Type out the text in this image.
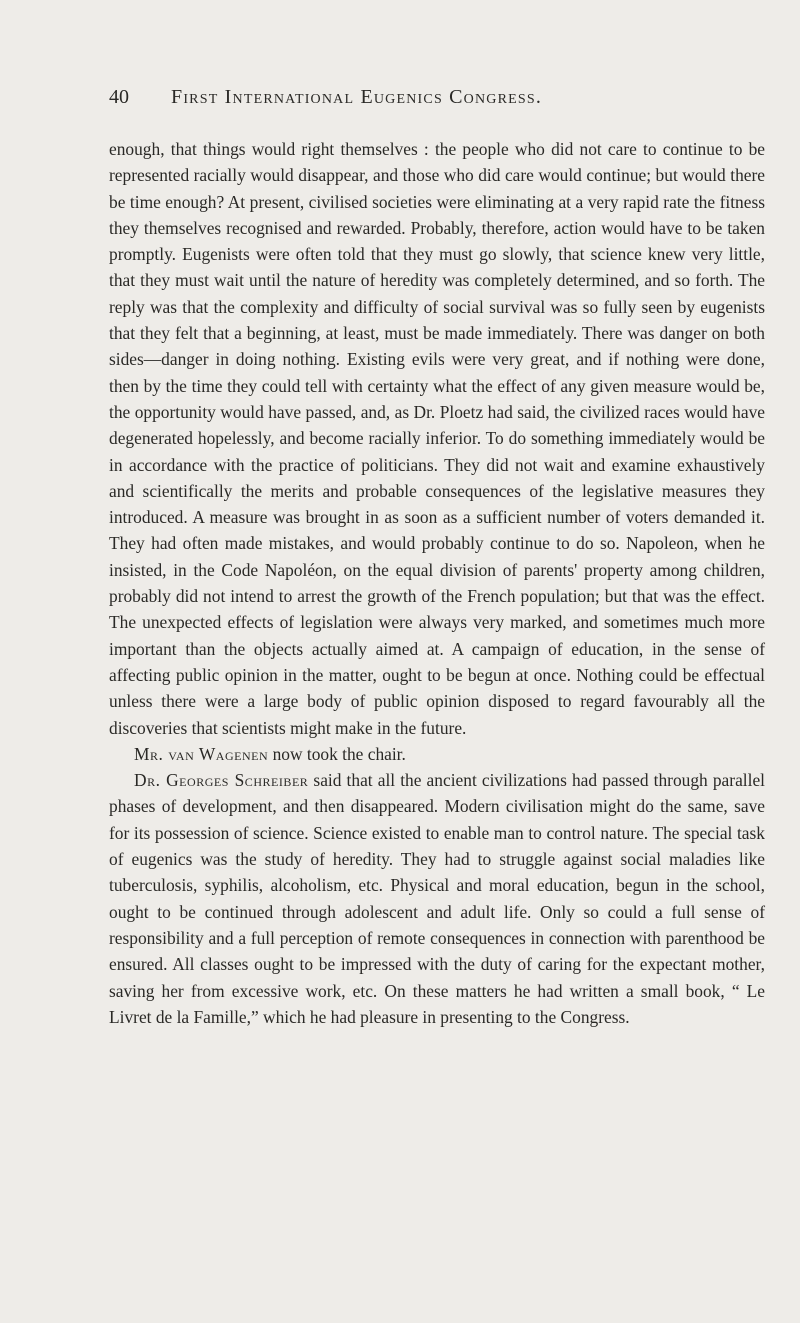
40 First International Eugenics Congress.

enough, that things would right themselves : the people who did not care to continue to be represented racially would disappear, and those who did care would continue; but would there be time enough? At present, civilised societies were eliminating at a very rapid rate the fitness they themselves recognised and rewarded. Probably, therefore, action would have to be taken promptly. Eugenists were often told that they must go slowly, that science knew very little, that they must wait until the nature of heredity was completely determined, and so forth. The reply was that the complexity and difficulty of social survival was so fully seen by eugenists that they felt that a beginning, at least, must be made immediately. There was danger on both sides—danger in doing nothing. Existing evils were very great, and if nothing were done, then by the time they could tell with certainty what the effect of any given measure would be, the opportunity would have passed, and, as Dr. Ploetz had said, the civilized races would have degenerated hopelessly, and become racially inferior. To do something immediately would be in accordance with the practice of politicians. They did not wait and examine exhaustively and scientifically the merits and probable consequences of the legislative measures they introduced. A measure was brought in as soon as a sufficient number of voters demanded it. They had often made mistakes, and would probably continue to do so. Napoleon, when he insisted, in the Code Napoléon, on the equal division of parents' property among children, probably did not intend to arrest the growth of the French population; but that was the effect. The unexpected effects of legislation were always very marked, and sometimes much more important than the objects actually aimed at. A campaign of education, in the sense of affecting public opinion in the matter, ought to be begun at once. Nothing could be effectual unless there were a large body of public opinion disposed to regard favourably all the discoveries that scientists might make in the future.

Mr. van Wagenen now took the chair.

Dr. Georges Schreiber said that all the ancient civilizations had passed through parallel phases of development, and then disappeared. Modern civilisation might do the same, save for its possession of science. Science existed to enable man to control nature. The special task of eugenics was the study of heredity. They had to struggle against social maladies like tuberculosis, syphilis, alcoholism, etc. Physical and moral education, begun in the school, ought to be continued through adolescent and adult life. Only so could a full sense of responsibility and a full perception of remote consequences in connection with parenthood be ensured. All classes ought to be impressed with the duty of caring for the expectant mother, saving her from excessive work, etc. On these matters he had written a small book, “ Le Livret de la Famille,” which he had pleasure in presenting to the Congress.
